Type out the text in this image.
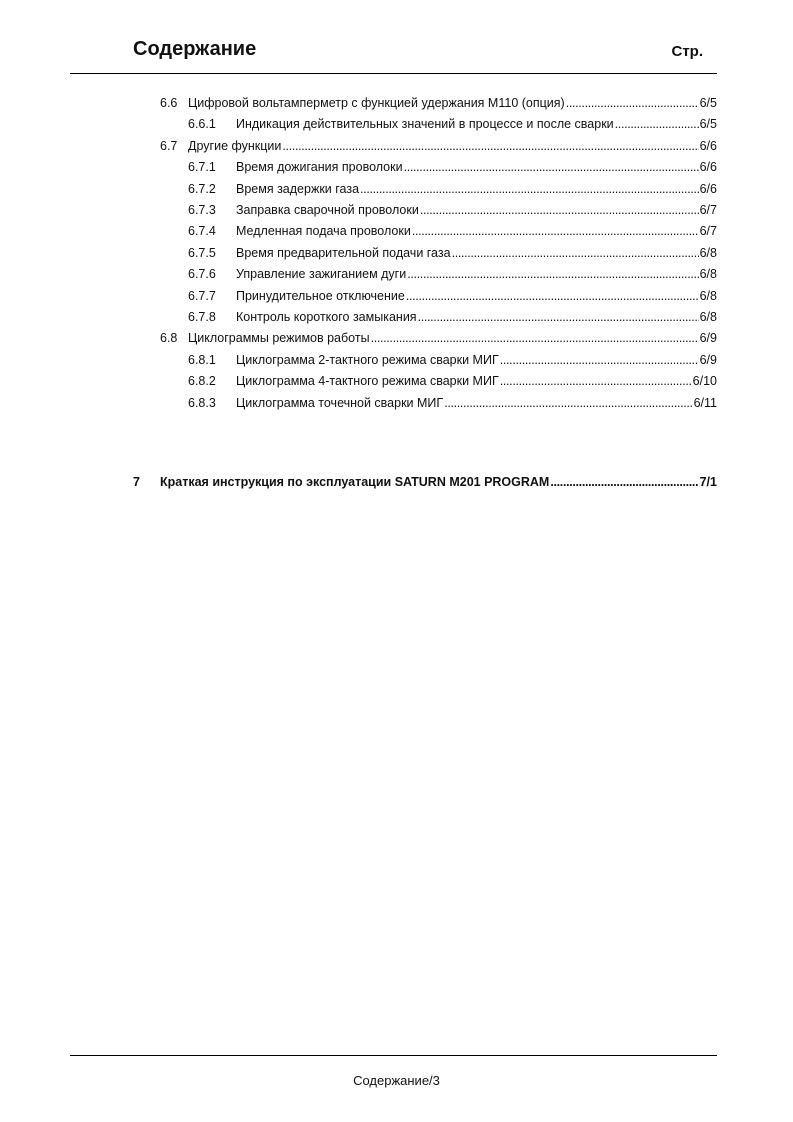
Содержание	Стр.
6.6 Цифровой вольтамперметр с функцией удержания M110 (опция) . . .	6/5
6.6.1	Индикация действительных значений в процессе и после сварки . . .	6/5
6.7 Другие функции . . .	6/6
6.7.1	Время дожигания проволоки . . .	6/6
6.7.2	Время задержки газа . . .	6/6
6.7.3	Заправка сварочной проволоки . . .	6/7
6.7.4	Медленная подача проволоки . . .	6/7
6.7.5	Время предварительной подачи газа . . .	6/8
6.7.6	Управление зажиганием дуги . . .	6/8
6.7.7	Принудительное отключение . . .	6/8
6.7.8	Контроль короткого замыкания . . .	6/8
6.8 Циклограммы режимов работы . . .	6/9
6.8.1	Циклограмма 2-тактного режима сварки МИГ . . .	6/9
6.8.2	Циклограмма 4-тактного режима сварки МИГ . . .	6/10
6.8.3	Циклограмма точечной сварки МИГ . . .	6/11
7	Краткая инструкция по эксплуатации SATURN M201 PROGRAM . . .	7/1
Содержание/3
